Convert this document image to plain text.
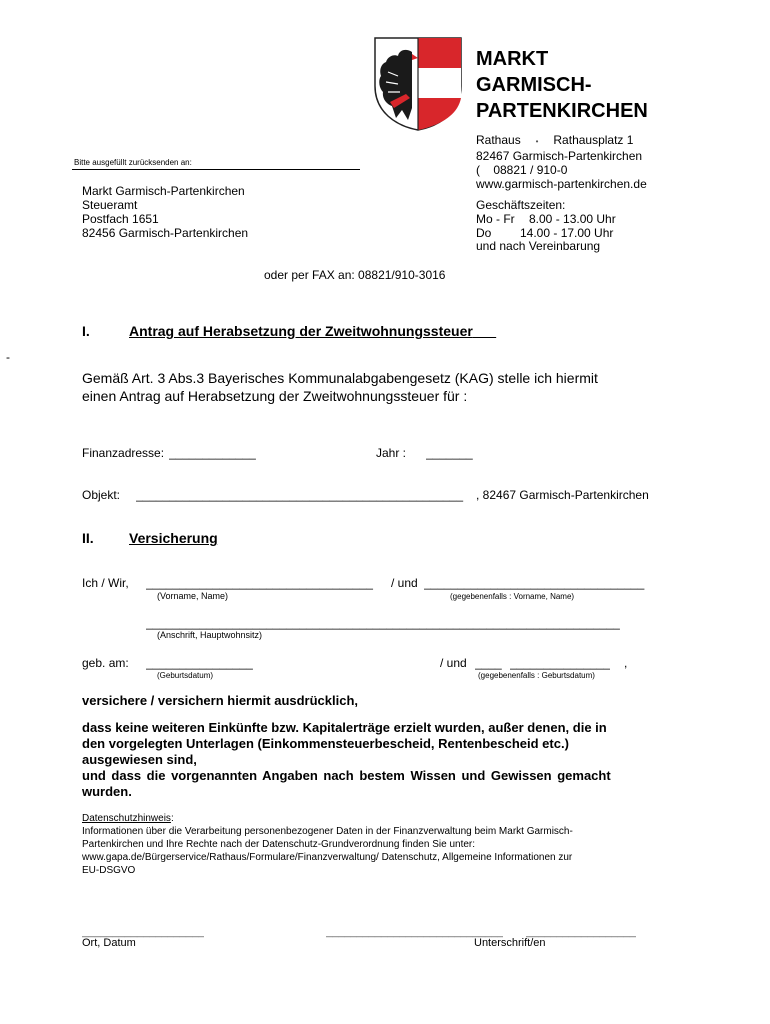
MARKT
GARMISCH-
PARTENKIRCHEN
Rathaus • Rathausplatz 1
82467 Garmisch-Partenkirchen
(    08821 / 910-0
www.garmisch-partenkirchen.de
Geschäftszeiten:
Mo - Fr 8.00 - 13.00 Uhr
Do 14.00 - 17.00 Uhr
und nach Vereinbarung
Bitte ausgefüllt zurücksenden an:
Markt Garmisch-Partenkirchen
Steueramt
Postfach 1651
82456 Garmisch-Partenkirchen
oder per FAX an: 08821/910-3016
I.	Antrag auf Herabsetzung der Zweitwohnungssteuer
-
Gemäß Art. 3 Abs.3 Bayerisches Kommunalabgabengesetz (KAG) stelle ich hiermit
einen Antrag auf Herabsetzung der Zweitwohnungssteuer für :
Finanzadresse: _____________	Jahr : _______
Objekt: _________________________________________________	, 82467 Garmisch-Partenkirchen
II.	Versicherung
Ich / Wir, __________________________________	/ und _________________________________
(Vorname, Name)	(gegebenenfalls : Vorname, Name)
_______________________________________________________________________
(Anschrift, Hauptwohnsitz)
geb. am: ________________	/ und ____ _______________ ,
(Geburtsdatum)	(gegebenenfalls : Geburtsdatum)
versichere / versichern hiermit ausdrücklich,
dass keine weiteren Einkünfte bzw. Kapitalerträge erzielt wurden, außer denen, die in
den vorgelegten Unterlagen (Einkommensteuerbescheid, Rentenbescheid etc.)
ausgewiesen sind,
und dass die vorgenannten Angaben nach bestem Wissen und Gewissen gemacht
wurden.
Datenschutzhinweis:
Informationen über die Verarbeitung personenbezogener Daten in der Finanzverwaltung beim Markt Garmisch-
Partenkirchen und Ihre Rechte nach der Datenschutz-Grundverordnung finden Sie unter:
www.gapa.de/Bürgerservice/Rathaus/Formulare/Finanzverwaltung/ Datenschutz, Allgemeine Informationen zur
EU-DSGVO
____________________	_____________________________ __________________
Ort, Datum	Unterschrift/en
